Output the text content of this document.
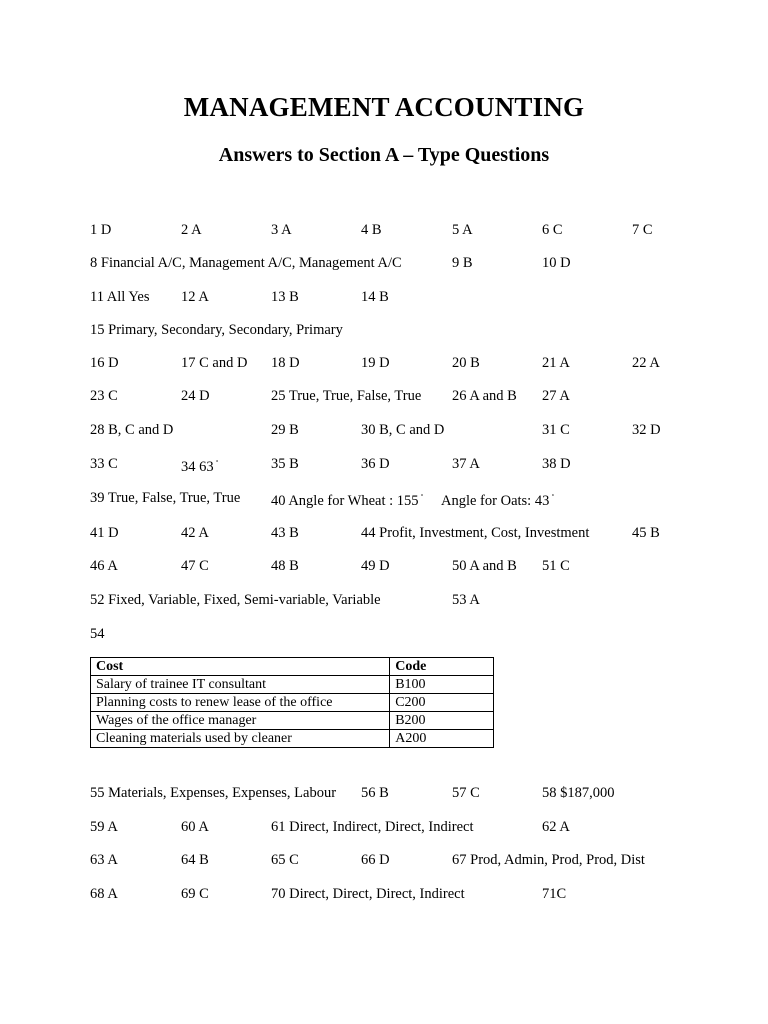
MANAGEMENT ACCOUNTING
Answers to Section A – Type Questions
1 D	2 A	3 A	4 B	5 A	6 C	7 C
8 Financial A/C, Management A/C, Management A/C	9 B	10 D
11 All Yes 12 A	13 B	14 B
15 Primary, Secondary, Secondary, Primary
16 D	17 C and D 18 D	19 D	20 B	21 A	22 A
23 C	24 D	25 True, True, False, True 26 A and B 27 A
28 B, C and D	29 B	30 B, C and D	31 C	32 D
33 C	34 63 ˚	35 B	36 D	37 A	38 D
39 True, False, True, True 40 Angle for Wheat : 155 ˚ Angle for Oats: 43 ˚
41 D	42 A	43 B	44 Profit, Investment, Cost, Investment	45 B
46 A	47 C	48 B	49 D	50 A and B 51 C
52 Fixed, Variable, Fixed, Semi-variable, Variable	53 A
54
Cost	Code
Salary of trainee IT consultant	B100
Planning costs to renew lease of the office	C200
Wages of the office manager	B200
Cleaning materials used by cleaner	A200
55 Materials, Expenses, Expenses, Labour 56 B	57 C	58 $187,000
59 A	60 A	61 Direct, Indirect, Direct, Indirect	62 A
63 A	64 B	65 C	66 D	67 Prod, Admin, Prod, Prod, Dist
68 A	69 C	70 Direct, Direct, Direct, Indirect	71C
